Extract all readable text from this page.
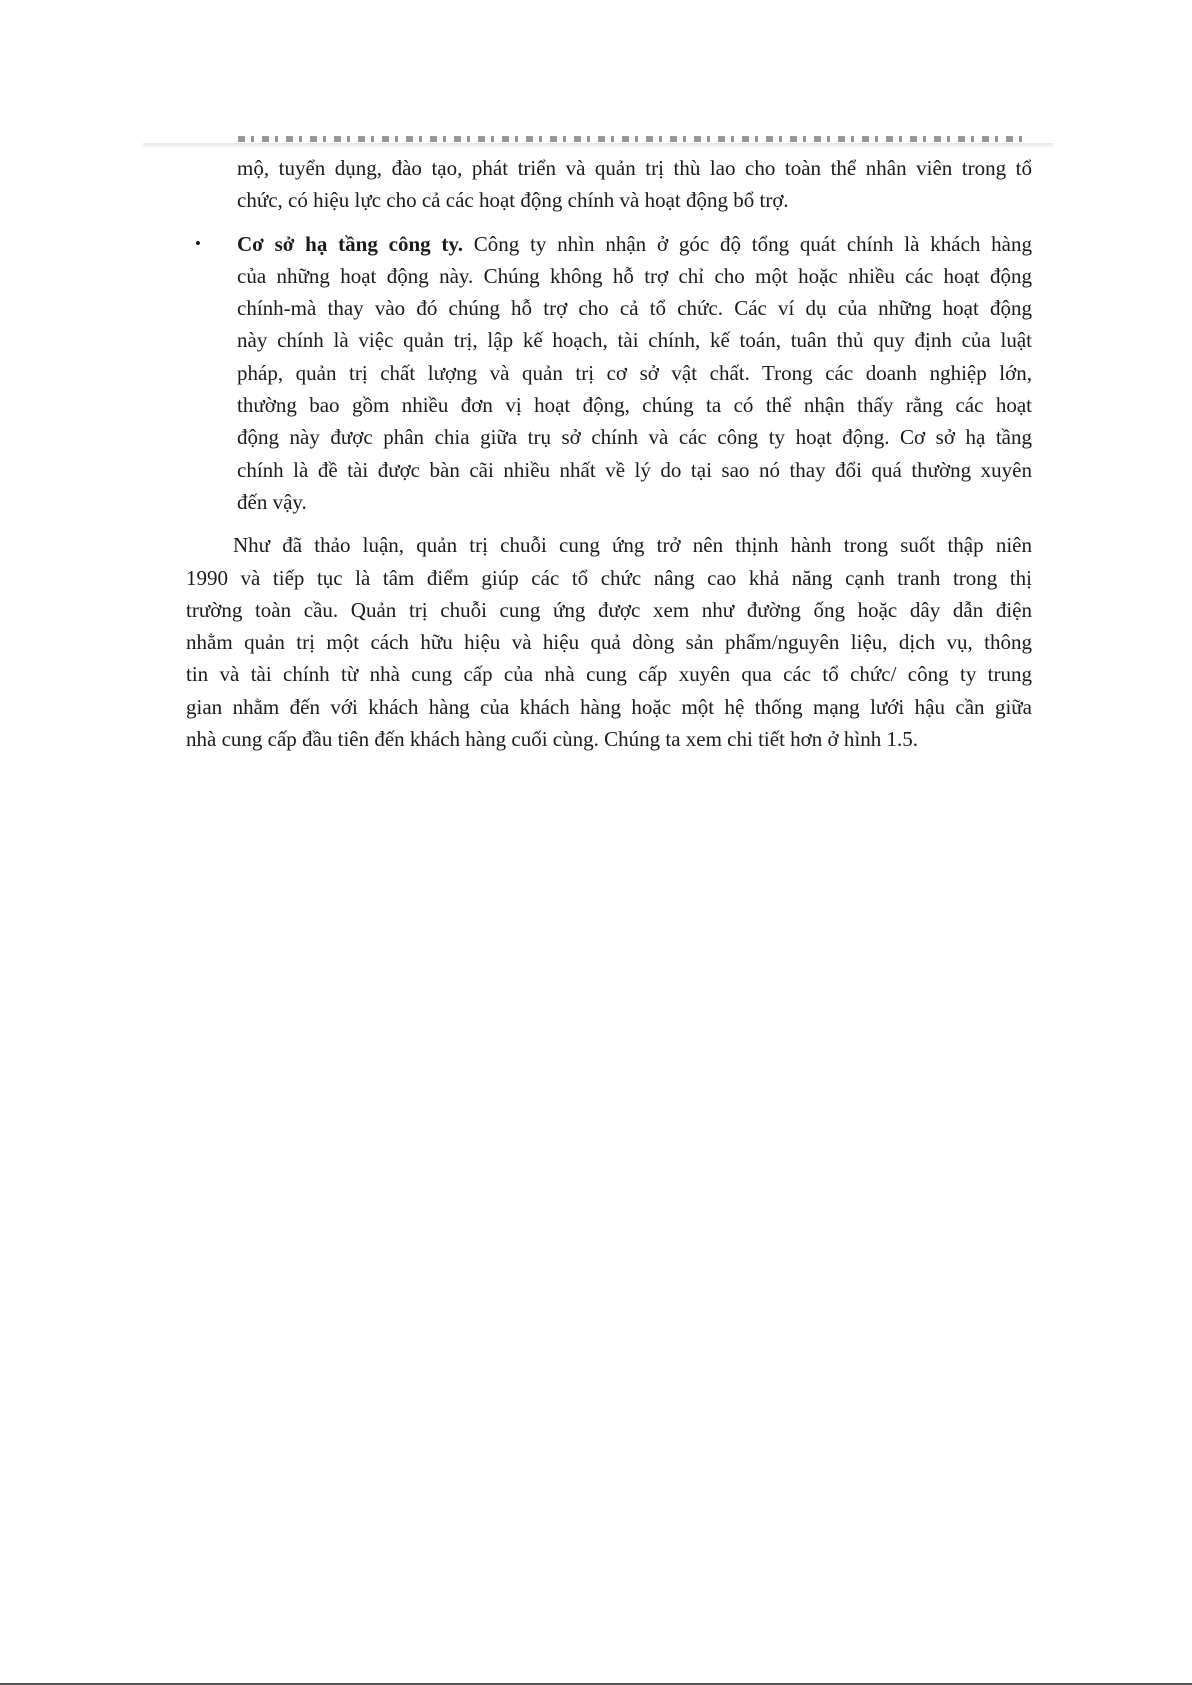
mộ, tuyển dụng, đào tạo, phát triển và quản trị thù lao cho toàn thể nhân viên trong tổ
chức, có hiệu lực cho cả các hoạt động chính và hoạt động bổ trợ.
• Cơ sở hạ tầng công ty. Công ty nhìn nhận ở góc độ tổng quát chính là khách hàng
của những hoạt động này. Chúng không hỗ trợ chỉ cho một hoặc nhiều các hoạt động
chính-mà thay vào đó chúng hỗ trợ cho cả tổ chức. Các ví dụ của những hoạt động
này chính là việc quản trị, lập kế hoạch, tài chính, kế toán, tuân thủ quy định của luật
pháp, quản trị chất lượng và quản trị cơ sở vật chất. Trong các doanh nghiệp lớn,
thường bao gồm nhiều đơn vị hoạt động, chúng ta có thể nhận thấy rằng các hoạt
động này được phân chia giữa trụ sở chính và các công ty hoạt động. Cơ sở hạ tầng
chính là đề tài được bàn cãi nhiều nhất về lý do tại sao nó thay đổi quá thường xuyên
đến vậy.
Như đã thảo luận, quản trị chuỗi cung ứng trở nên thịnh hành trong suốt thập niên
1990 và tiếp tục là tâm điểm giúp các tổ chức nâng cao khả năng cạnh tranh trong thị
trường toàn cầu. Quản trị chuỗi cung ứng được xem như đường ống hoặc dây dẫn điện
nhằm quản trị một cách hữu hiệu và hiệu quả dòng sản phẩm/nguyên liệu, dịch vụ, thông
tin và tài chính từ nhà cung cấp của nhà cung cấp xuyên qua các tổ chức/ công ty trung
gian nhằm đến với khách hàng của khách hàng hoặc một hệ thống mạng lưới hậu cần giữa
nhà cung cấp đầu tiên đến khách hàng cuối cùng. Chúng ta xem chi tiết hơn ở hình 1.5.
